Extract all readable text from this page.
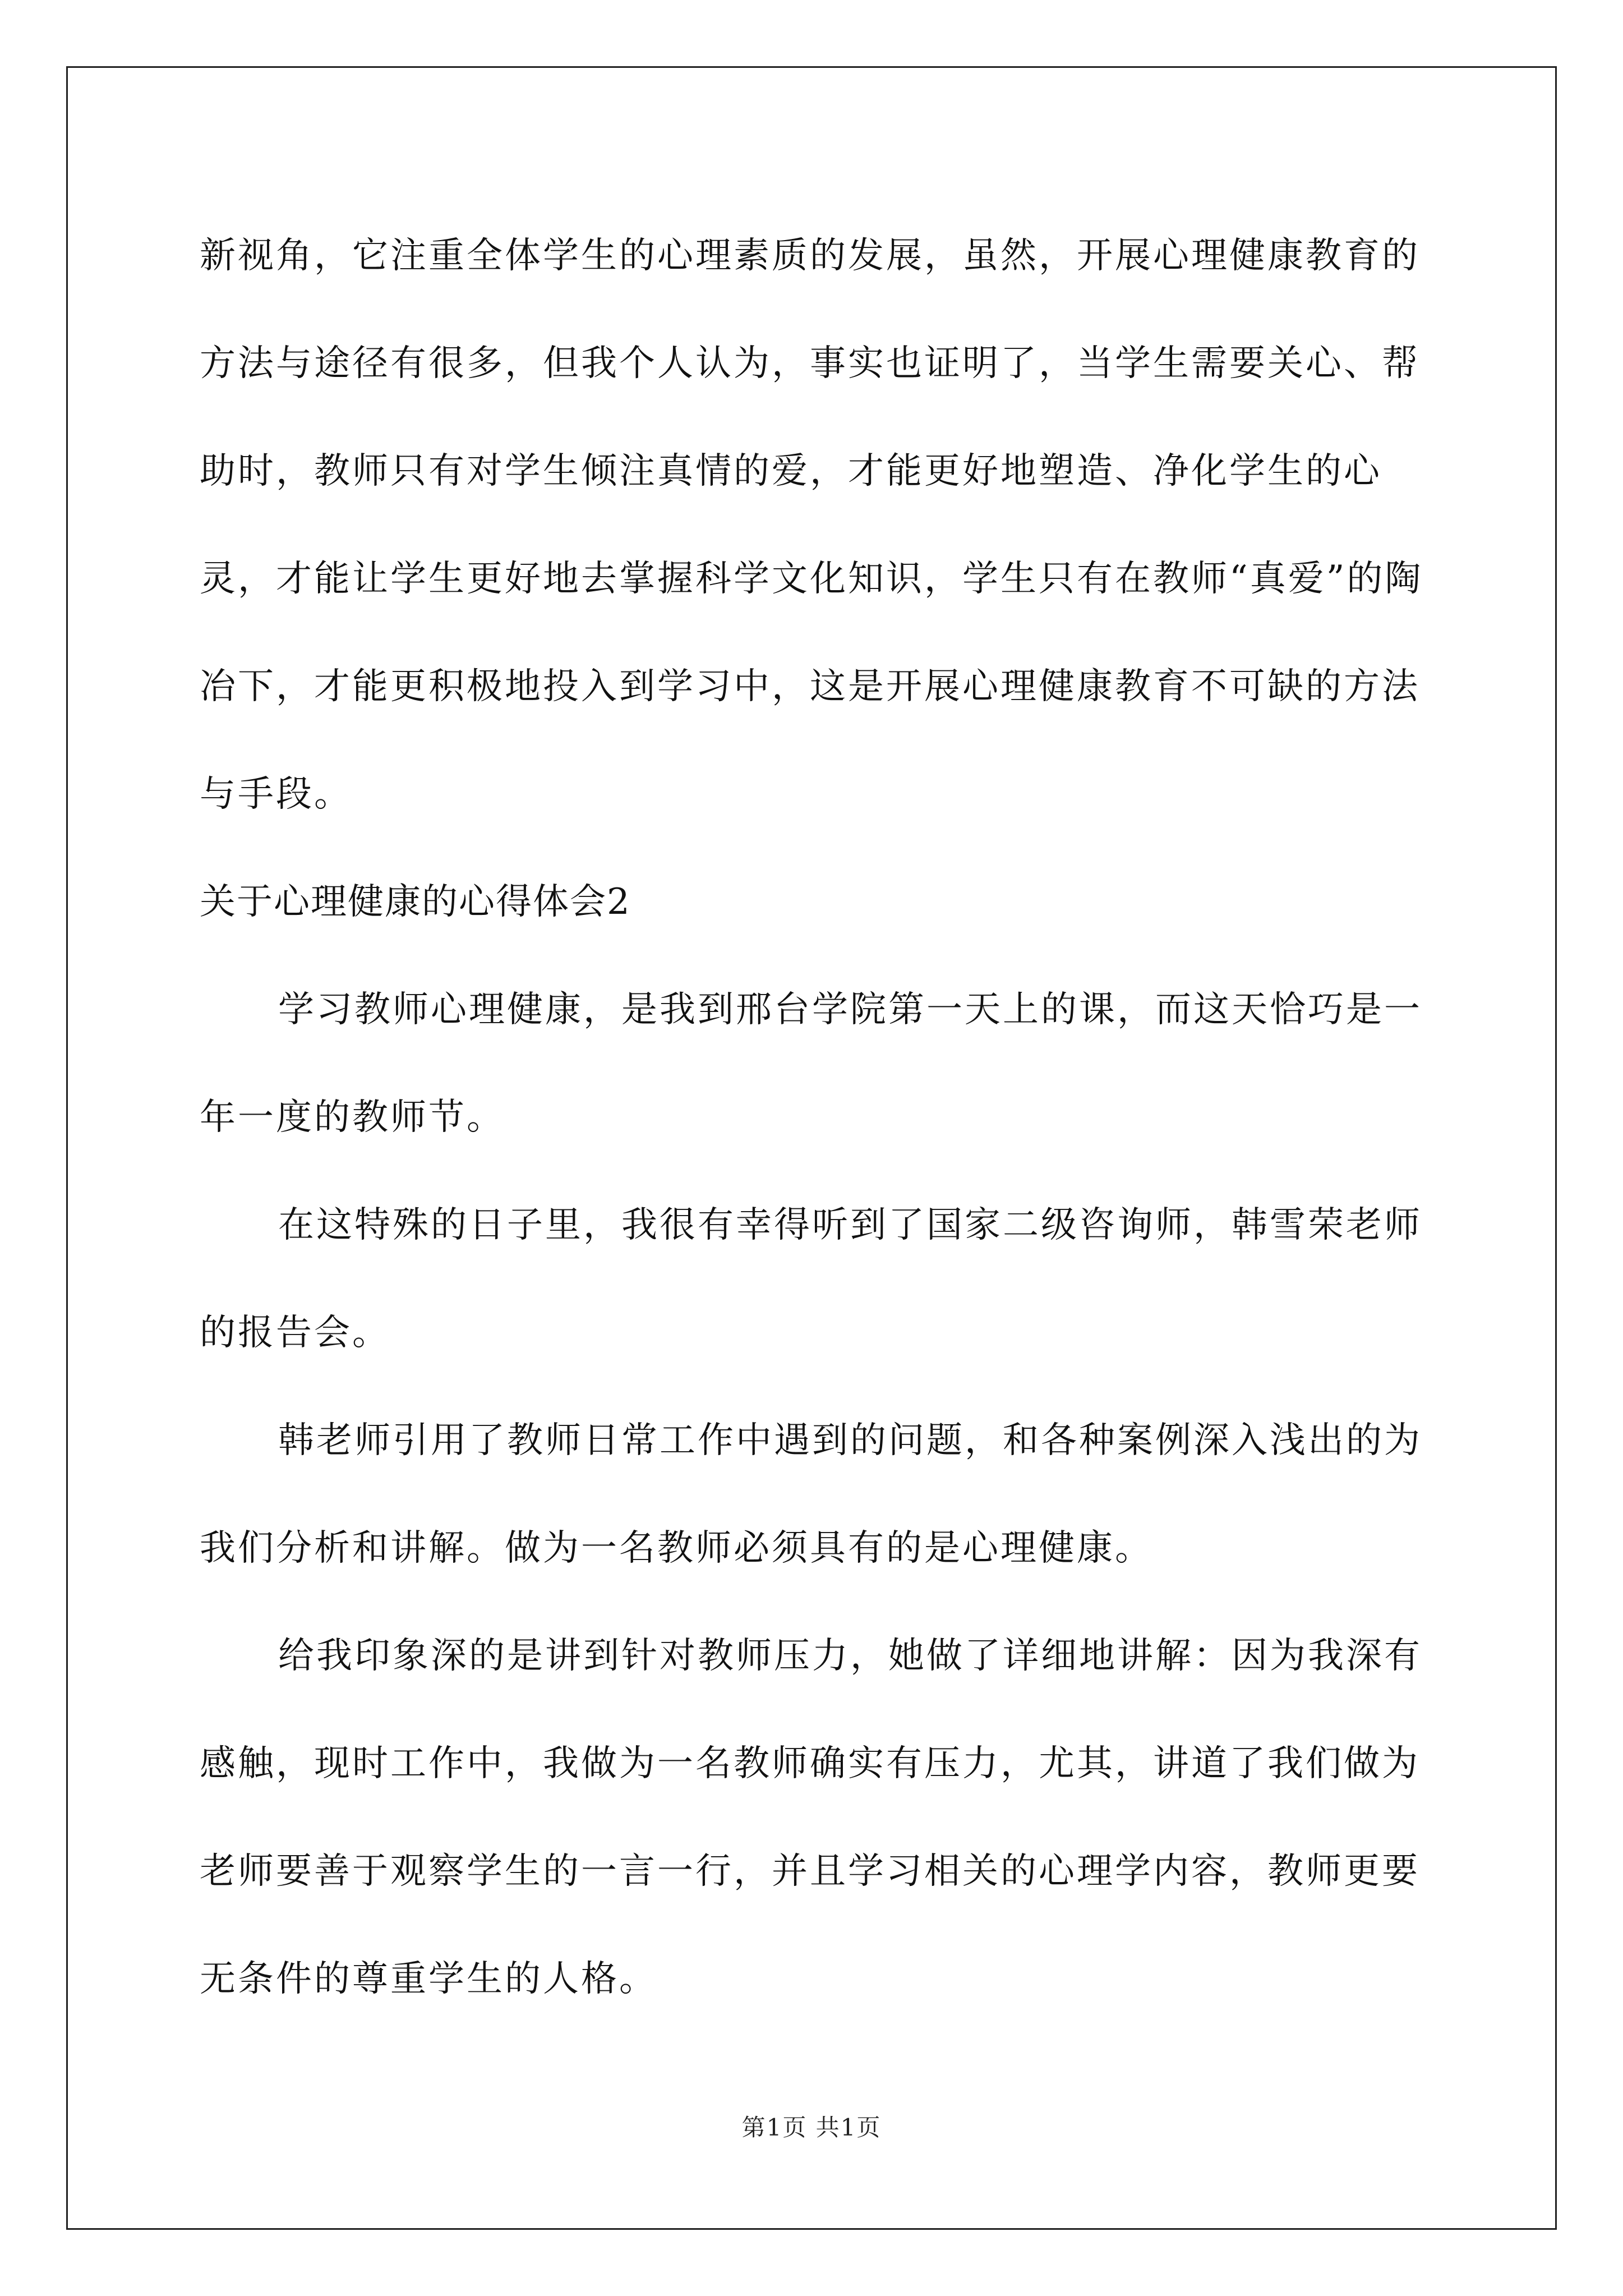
新视角，它注重全体学生的心理素质的发展，虽然，开展心理健康教育的方法与途径有很多，但我个人认为，事实也证明了，当学生需要关心、帮助时，教师只有对学生倾注真情的爱，才能更好地塑造、净化学生的心灵，才能让学生更好地去掌握科学文化知识，学生只有在教师“真爱”的陶冶下，才能更积极地投入到学习中，这是开展心理健康教育不可缺的方法与手段。

关于心理健康的心得体会2

学习教师心理健康，是我到邢台学院第一天上的课，而这天恰巧是一年一度的教师节。

在这特殊的日子里，我很有幸得听到了国家二级咨询师，韩雪荣老师的报告会。

韩老师引用了教师日常工作中遇到的问题，和各种案例深入浅出的为我们分析和讲解。做为一名教师必须具有的是心理健康。

给我印象深的是讲到针对教师压力，她做了详细地讲解：因为我深有感触，现时工作中，我做为一名教师确实有压力，尤其，讲道了我们做为老师要善于观察学生的一言一行，并且学习相关的心理学内容，教师更要无条件的尊重学生的人格。

第1页 共1页
